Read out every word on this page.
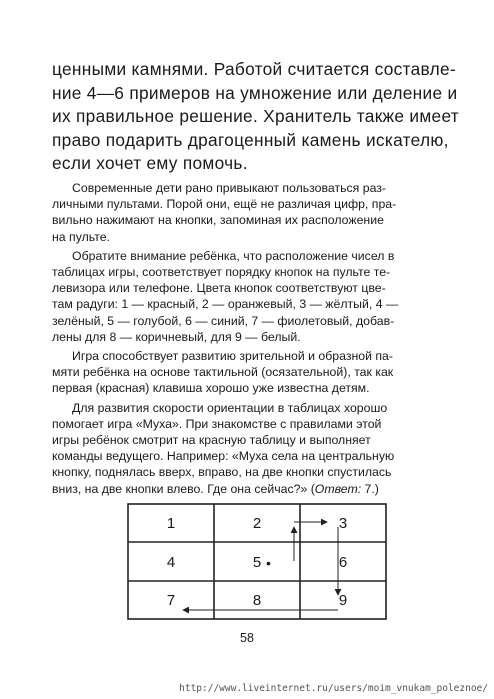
ценными камнями. Работой считается составле-
ние 4—6 примеров на умножение или деление и
их правильное решение. Хранитель также имеет
право подарить драгоценный камень искателю,
если хочет ему помочь.
Современные дети рано привыкают пользоваться раз-
личными пультами. Порой они, ещё не различая цифр, пра-
вильно нажимают на кнопки, запоминая их расположение
на пульте.
Обратите внимание ребёнка, что расположение чисел в
таблицах игры, соответствует порядку кнопок на пульте те-
левизора или телефоне. Цвета кнопок соответствуют цве-
там радуги: 1 — красный, 2 — оранжевый, 3 — жёлтый, 4 —
зелёный, 5 — голубой, 6 — синий, 7 — фиолетовый, добав-
лены для 8 — коричневый, для 9 — белый.
Игра способствует развитию зрительной и образной па-
мяти ребёнка на основе тактильной (осязательной), так как
первая (красная) клавиша хорошо уже известна детям.
Для развития скорости ориентации в таблицах хорошо
помогает игра «Муха». При знакомстве с правилами этой
игры ребёнок смотрит на красную таблицу и выполняет
команды ведущего. Например: «Муха села на центральную
кнопку, поднялась вверх, вправо, на две кнопки спустилась
вниз, на две кнопки влево. Где она сейчас?» (Ответ: 7.)
1	2	3
4	5	6
7	8	9
•
58
http://www.liveinternet.ru/users/moim_vnukam_poleznoe/
